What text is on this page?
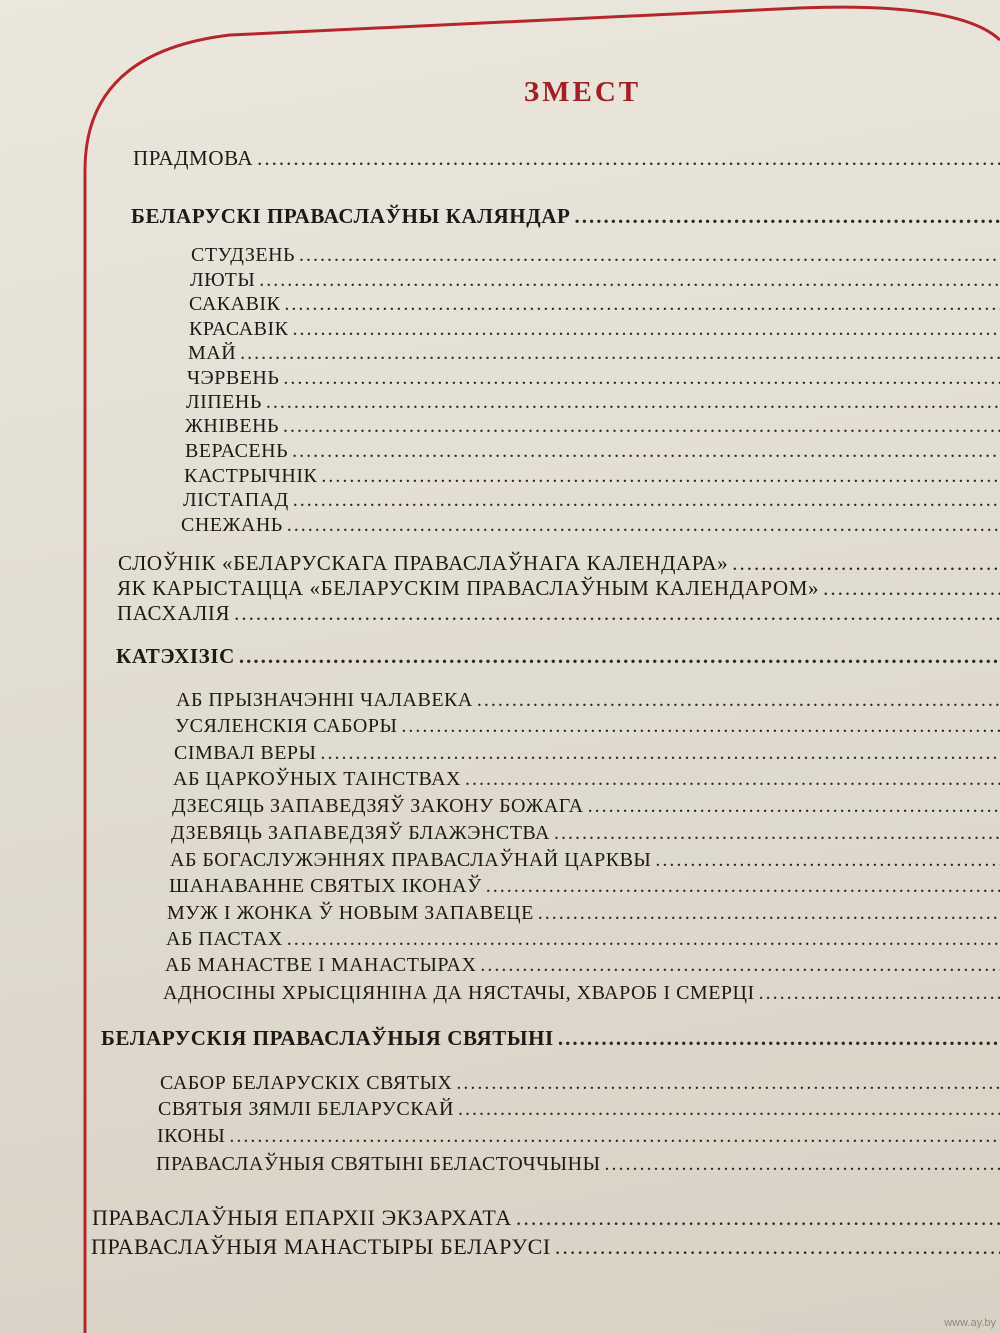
ЗМЕСТ
ПРАДМОВА
.....
БЕЛАРУСКІ ПРАВАСЛАЎНЫ КАЛЯНДАР
.....
СТУДЗЕНЬ
.....
ЛЮТЫ
.....
САКАВІК
.....
КРАСАВІК
.....
МАЙ
.....
ЧЭРВЕНЬ
.....
ЛІПЕНЬ
.....
ЖНІВЕНЬ
.....
ВЕРАСЕНЬ
.....
КАСТРЫЧНІК
.....
ЛІСТАПАД
.....
СНЕЖАНЬ
.....
СЛОЎНІК «БЕЛАРУСКАГА ПРАВАСЛАЎНАГА КАЛЕНДАРА»
.....
ЯК КАРЫСТАЦЦА «БЕЛАРУСКІМ ПРАВАСЛАЎНЫМ КАЛЕНДАРОМ»
.....
ПАСХАЛІЯ
.....
КАТЭХІЗІС
.....
АБ ПРЫЗНАЧЭННІ ЧАЛАВЕКА
.....
УСЯЛЕНСКІЯ САБОРЫ
.....
СІМВАЛ ВЕРЫ
.....
АБ ЦАРКОЎНЫХ ТАІНСТВАХ
.....
ДЗЕСЯЦЬ ЗАПАВЕДЗЯЎ ЗАКОНУ БОЖАГА
.....
ДЗЕВЯЦЬ ЗАПАВЕДЗЯЎ БЛАЖЭНСТВА
.....
АБ БОГАСЛУЖЭННЯХ ПРАВАСЛАЎНАЙ ЦАРКВЫ
.....
ШАНАВАННЕ СВЯТЫХ ІКОНАЎ
.....
МУЖ І ЖОНКА Ў НОВЫМ ЗАПАВЕЦЕ
.....
АБ ПАСТАХ
.....
АБ МАНАСТВЕ І МАНАСТЫРАХ
.....
АДНОСІНЫ ХРЫСЦІЯНІНА ДА НЯСТАЧЫ, ХВАРОБ І СМЕРЦІ
.....
БЕЛАРУСКІЯ ПРАВАСЛАЎНЫЯ СВЯТЫНІ
.....
САБОР БЕЛАРУСКІХ СВЯТЫХ
.....
СВЯТЫЯ ЗЯМЛІ БЕЛАРУСКАЙ
.....
ІКОНЫ
.....
ПРАВАСЛАЎНЫЯ СВЯТЫНІ БЕЛАСТОЧЧЫНЫ
.....
ПРАВАСЛАЎНЫЯ ЕПАРХІІ ЭКЗАРХАТА
.....
ПРАВАСЛАЎНЫЯ МАНАСТЫРЫ БЕЛАРУСІ
.....
www.ay.by
